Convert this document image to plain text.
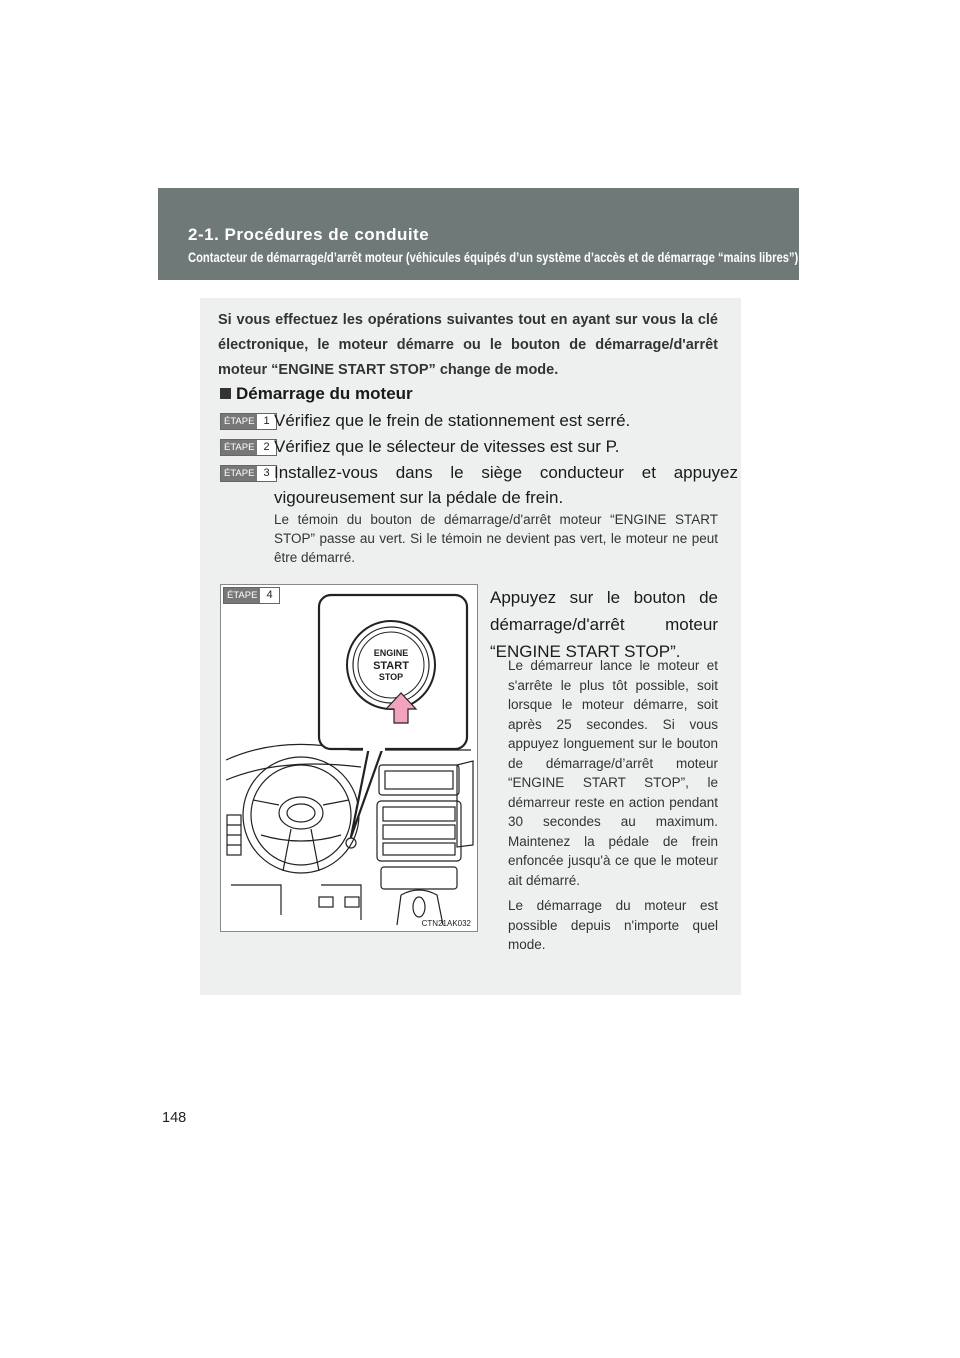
2-1. Procédures de conduite
Contacteur de démarrage/d’arrêt moteur (véhicules équipés d’un système d’accès et de démarrage “mains libres”)
Si vous effectuez les opérations suivantes tout en ayant sur vous la clé électronique, le moteur démarre ou le bouton de démarrage/d'arrêt moteur “ENGINE START STOP” change de mode.
Démarrage du moteur
ÉTAPE 1 Vérifiez que le frein de stationnement est serré.
ÉTAPE 2 Vérifiez que le sélecteur de vitesses est sur P.
ÉTAPE 3 Installez-vous dans le siège conducteur et appuyez vigoureusement sur la pédale de frein.
Le témoin du bouton de démarrage/d'arrêt moteur “ENGINE START STOP” passe au vert. Si le témoin ne devient pas vert, le moteur ne peut être démarré.
ÉTAPE 4
ENGINE
START
STOP
CTN21AK032
Appuyez sur le bouton de démarrage/d'arrêt moteur “ENGINE START STOP”.

Le démarreur lance le moteur et s'arrête le plus tôt possible, soit lorsque le moteur démarre, soit après 25 secondes. Si vous appuyez longuement sur le bouton de démarrage/d’arrêt moteur “ENGINE START STOP”, le démarreur reste en action pendant 30 secondes au maximum. Maintenez la pédale de frein enfoncée jusqu'à ce que le moteur ait démarré.

Le démarrage du moteur est possible depuis n'importe quel mode.

148
